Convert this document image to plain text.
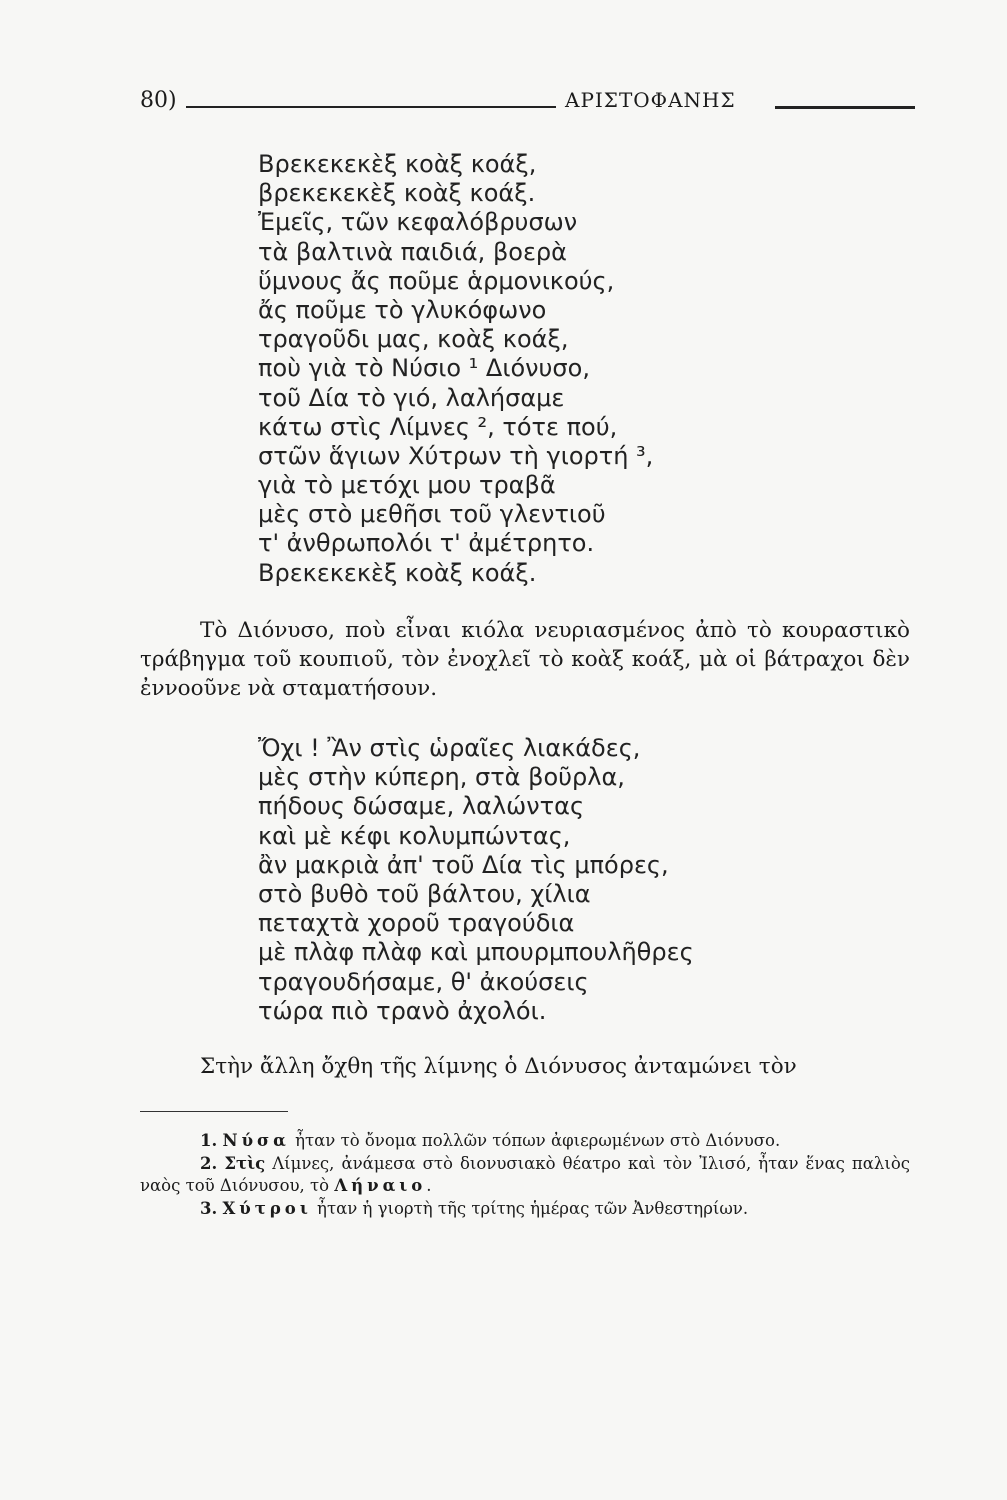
80)	ΑΡΙΣΤΟΦΑΝΗΣ
Βρεκεκεκὲξ κοὰξ κοάξ,
βρεκεκεκὲξ κοὰξ κοάξ.
Ἐμεῖς, τῶν κεφαλόβρυσων
τὰ βαλτινὰ παιδιά, βοερὰ
ὕμνους ἄς ποῦμε ἁρμονικούς,
ἄς ποῦμε τὸ γλυκόφωνο
τραγοῦδι μας, κοὰξ κοάξ,
ποὺ γιὰ τὸ Νύσιο ¹ Διόνυσο,
τοῦ Δία τὸ γιό, λαλήσαμε
κάτω στὶς Λίμνες ², τότε πού,
στῶν ἅγιων Χύτρων τὴ γιορτή ³,
γιὰ τὸ μετόχι μου τραβᾶ
μὲς στὸ μεθῆσι τοῦ γλεντιοῦ
τ' ἀνθρωπολόι τ' ἀμέτρητο.
Βρεκεκεκὲξ κοὰξ κοάξ.
Τὸ Διόνυσο, ποὺ εἶναι κιόλα νευριασμένος ἀπὸ τὸ κουραστικὸ τράβηγμα τοῦ κουπιοῦ, τὸν ἐνοχλεῖ τὸ κοὰξ κοάξ, μὰ οἱ βάτραχοι δὲν ἐννοοῦνε νὰ σταματήσουν.
Ὄχι ! Ἂν στὶς ὡραῖες λιακάδες,
μὲς στὴν κύπερη, στὰ βοῦρλα,
πήδους δώσαμε, λαλώντας
καὶ μὲ κέφι κολυμπώντας,
ἂν μακριὰ ἀπ' τοῦ Δία τὶς μπόρες,
στὸ βυθὸ τοῦ βάλτου, χίλια
πεταχτὰ χοροῦ τραγούδια
μὲ πλὰφ πλὰφ καὶ μπουρμπουλῆθρες
τραγουδήσαμε, θ' ἀκούσεις
τώρα πιὸ τρανὸ ἀχολόι.
Στὴν ἄλλη ὄχθη τῆς λίμνης ὁ Διόνυσος ἀνταμώνει τὸν
1. Νύσα ἦταν τὸ ὄνομα πολλῶν τόπων ἀφιερωμένων στὸ Διόνυσο.
2. Στὶς Λίμνες, ἀνάμεσα στὸ διονυσιακὸ θέατρο καὶ τὸν Ἰλισό, ἦταν ἕνας παλιὸς ναὸς τοῦ Διόνυσου, τὸ Λήναιο.
3. Χύτροι ἦταν ἡ γιορτὴ τῆς τρίτης ἡμέρας τῶν Ἀνθεστηρίων.
